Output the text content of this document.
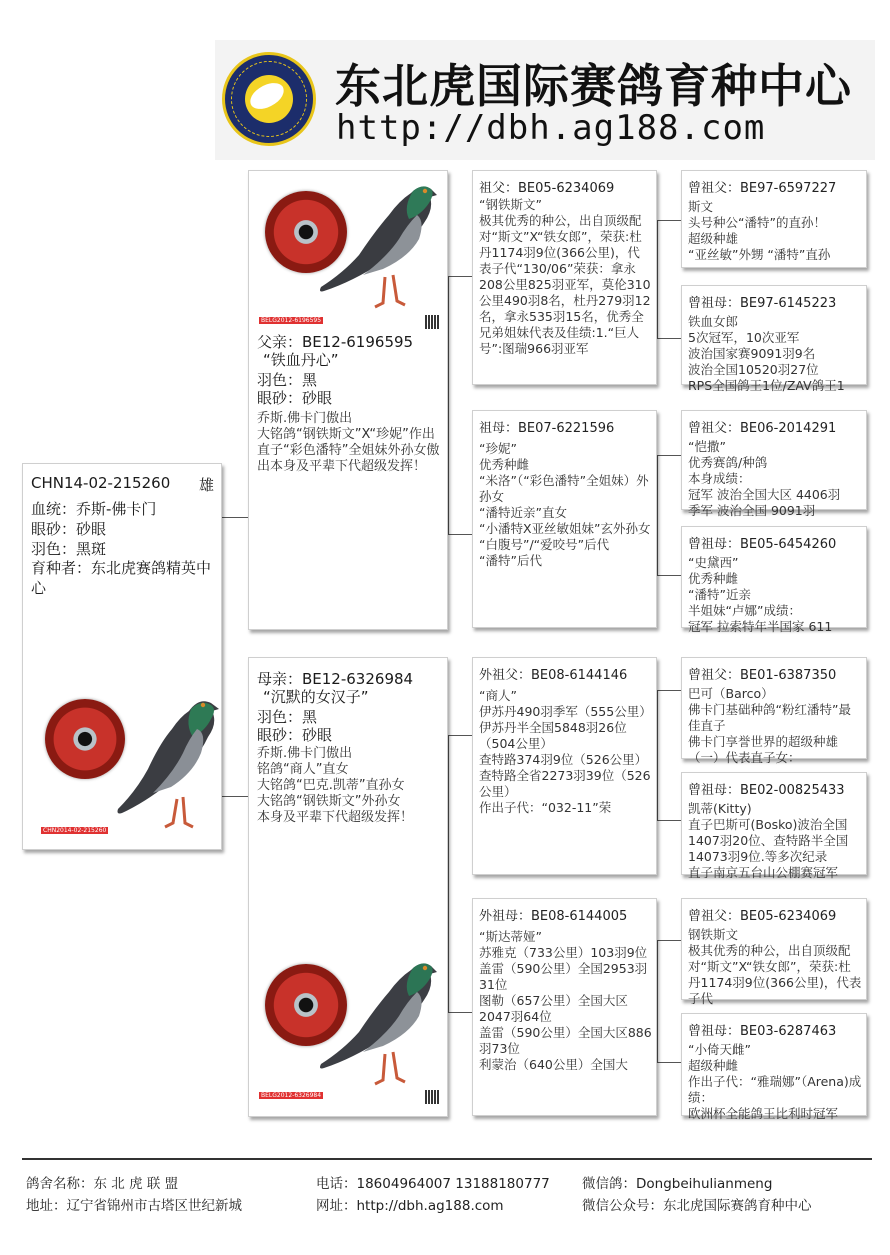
东北虎国际赛鸽育种中心
http://dbh.ag188.com
CHN14-02-215260 雄
血统：乔斯-佛卡门
眼砂：砂眼
羽色：黑斑
育种者：东北虎赛鸽精英中心
CHN2014-02-215260
BELG2012-6196595
父亲：BE12-6196595
“铁血丹心”
羽色：黑
眼砂：砂眼
乔斯.佛卡门傲出
大铭鸽“钢铁斯文”X“珍妮”作出直子“彩色潘特”全姐妹外孙女傲出本身及平辈下代超级发挥！
母亲：BE12-6326984
“沉默的女汉子”
羽色：黑
眼砂：砂眼
乔斯.佛卡门傲出
铭鸽“商人”直女
大铭鸽“巴克.凯蒂”直孙女
大铭鸽“钢铁斯文”外孙女
本身及平辈下代超级发挥！
BELG2012-6326984
祖父：BE05-6234069
“钢铁斯文”
极其优秀的种公，出自顶级配对“斯文”X“铁女郎”，荣获:杜丹1174羽9位(366公里)，代表子代“130/06”荣获：拿永208公里825羽亚军，莫伦310公里490羽8名，杜丹279羽12名，拿永535羽15名，优秀全兄弟姐妹代表及佳绩:1.“巨人号”:图瑞966羽亚军
祖母：BE07-6221596
“珍妮”
优秀种雌
“米洛”（“彩色潘特”全姐妹）外孙女
“潘特近亲”直女
“小潘特X亚丝敏姐妹”玄外孙女
“白腹号”/“爱咬号”后代
“潘特”后代
外祖父：BE08-6144146
“商人”
伊苏丹490羽季军（555公里）
伊苏丹半全国5848羽26位（504公里）
查特路374羽9位（526公里）
查特路全省2273羽39位（526公里）
作出子代：“032-11”荣
外祖母：BE08-6144005
“斯达蒂娅”
苏雅克（733公里）103羽9位
盖雷（590公里）全国2953羽31位
图勒（657公里）全国大区2047羽64位
盖雷（590公里）全国大区886羽73位
利蒙治（640公里）全国大
曾祖父：BE97-6597227
斯文
头号种公“潘特”的直孙！
超级种雄
“亚丝敏”外甥 “潘特”直孙
曾祖母：BE97-6145223
铁血女郎
5次冠军，10次亚军
波治国家赛9091羽9名
波治全国10520羽27位
RPS全国鸽王1位/ZAV鸽王1
曾祖父：BE06-2014291
“恺撒”
优秀赛鸽/种鸽
本身成绩：
冠军 波治全国大区 4406羽
季军 波治全国 9091羽
曾祖母：BE05-6454260
“史黛西”
优秀种雌
“潘特”近亲
半姐妹“卢娜”成绩：
冠军 拉索特年半国家 611
曾祖父：BE01-6387350
巴可（Barco）
佛卡门基础种鸽“粉红潘特”最佳直子
佛卡门享誉世界的超级种雄（一）代表直子女：
曾祖母：BE02-00825433
凯蒂(Kitty)
直子巴斯可(Bosko)波治全国1407羽20位、查特路半全国14073羽9位.等多次纪录
直子南京五台山公棚赛冠军
曾祖父：BE05-6234069
钢铁斯文
极其优秀的种公，出自顶级配对“斯文”X“铁女郎”，荣获:杜丹1174羽9位(366公里)，代表子代
曾祖母：BE03-6287463
“小倚天雌”
超级种雌
作出子代：“雅瑞娜”（Arena)成绩：
欧洲杯全能鸽王比利时冠军
鸽舍名称：东 北 虎 联 盟
地址：辽宁省锦州市古塔区世纪新城
电话：18604964007 13188180777
网址：http://dbh.ag188.com
微信鸽：Dongbeihulianmeng
微信公众号：东北虎国际赛鸽育种中心
